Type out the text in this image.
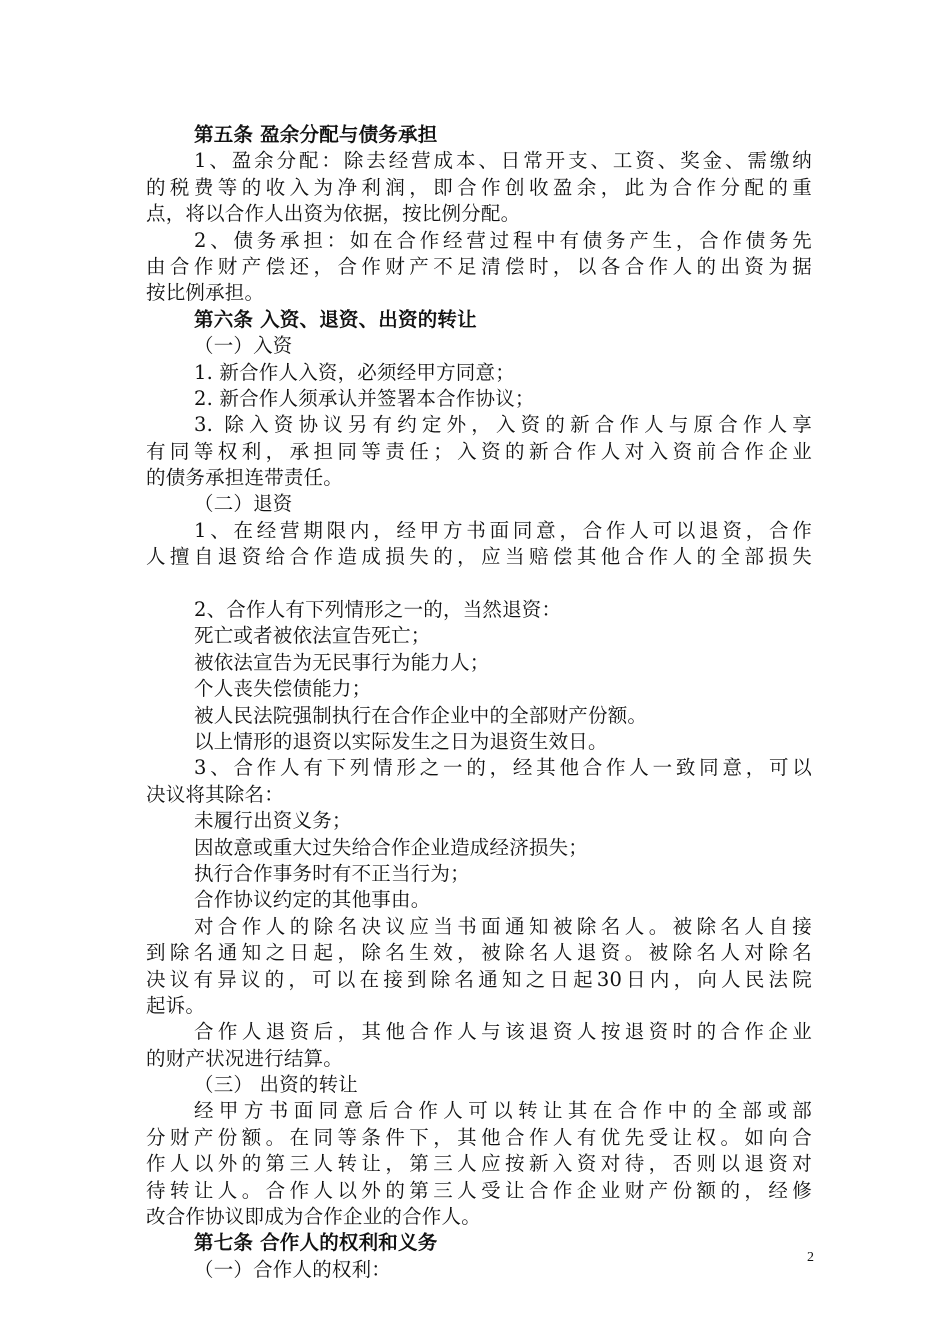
第五条 盈余分配与债务承担
1、盈余分配：除去经营成本、日常开支、工资、奖金、需缴纳
的税费等的收入为净利润，即合作创收盈余，此为合作分配的重
点，将以合作人出资为依据，按比例分配。
2、债务承担：如在合作经营过程中有债务产生，合作债务先
由合作财产偿还，合作财产不足清偿时，以各合作人的出资为据
按比例承担。
第六条 入资、退资、出资的转让
（一）入资
1. 新合作人入资，必须经甲方同意；
2. 新合作人须承认并签署本合作协议；
3. 除入资协议另有约定外，入资的新合作人与原合作人享
有同等权利，承担同等责任；入资的新合作人对入资前合作企业
的债务承担连带责任。
（二）退资
1、在经营期限内，经甲方书面同意，合作人可以退资，合作
人擅自退资给合作造成损失的，应当赔偿其他合作人的全部损失
2、合作人有下列情形之一的，当然退资：
死亡或者被依法宣告死亡；
被依法宣告为无民事行为能力人；
个人丧失偿债能力；
被人民法院强制执行在合作企业中的全部财产份额。
以上情形的退资以实际发生之日为退资生效日。
3、合作人有下列情形之一的，经其他合作人一致同意，可以
决议将其除名：
未履行出资义务；
因故意或重大过失给合作企业造成经济损失；
执行合作事务时有不正当行为；
合作协议约定的其他事由。
对合作人的除名决议应当书面通知被除名人。被除名人自接
到除名通知之日起，除名生效，被除名人退资。被除名人对除名
决议有异议的，可以在接到除名通知之日起30日内，向人民法院
起诉。
合作人退资后，其他合作人与该退资人按退资时的合作企业
的财产状况进行结算。
（三） 出资的转让
经甲方书面同意后合作人可以转让其在合作中的全部或部
分财产份额。在同等条件下，其他合作人有优先受让权。如向合
作人以外的第三人转让，第三人应按新入资对待，否则以退资对
待转让人。合作人以外的第三人受让合作企业财产份额的，经修
改合作协议即成为合作企业的合作人。
第七条 合作人的权利和义务
（一）合作人的权利：
2
